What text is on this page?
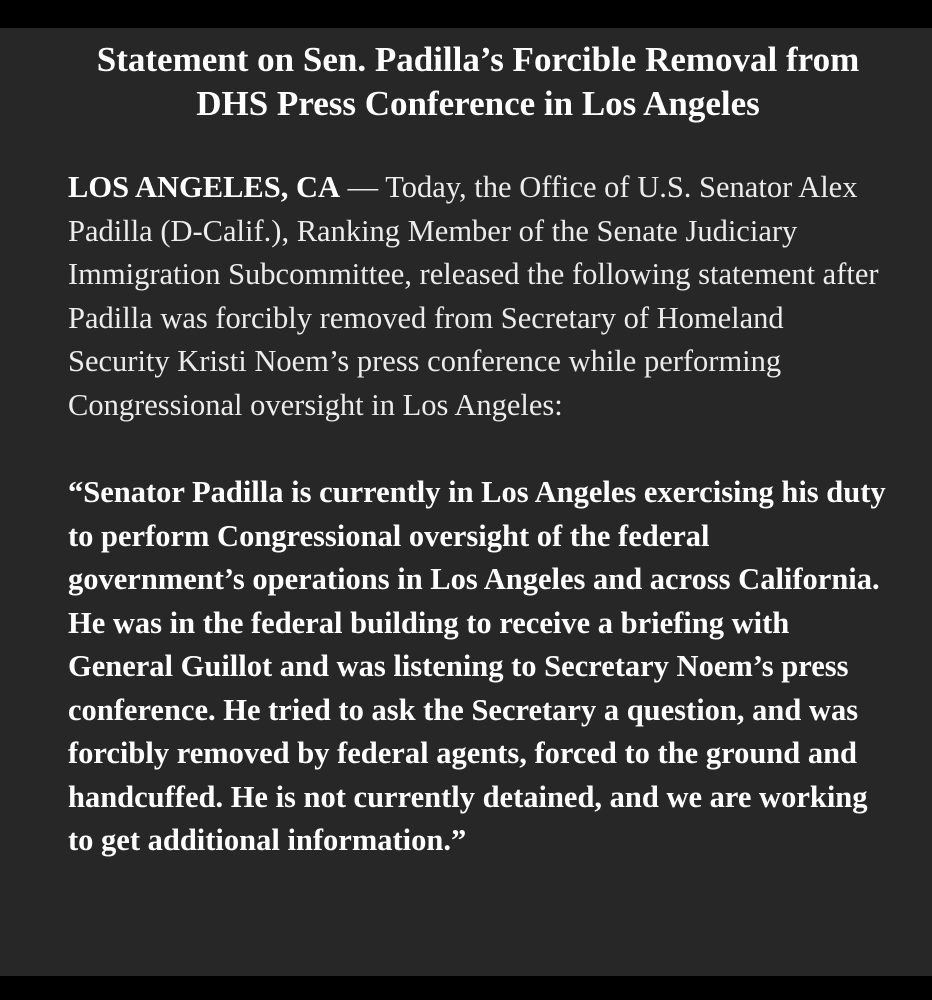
Statement on Sen. Padilla’s Forcible Removal from DHS Press Conference in Los Angeles

LOS ANGELES, CA — Today, the Office of U.S. Senator Alex Padilla (D-Calif.), Ranking Member of the Senate Judiciary Immigration Subcommittee, released the following statement after Padilla was forcibly removed from Secretary of Homeland Security Kristi Noem’s press conference while performing Congressional oversight in Los Angeles:

“Senator Padilla is currently in Los Angeles exercising his duty to perform Congressional oversight of the federal government’s operations in Los Angeles and across California. He was in the federal building to receive a briefing with General Guillot and was listening to Secretary Noem’s press conference. He tried to ask the Secretary a question, and was forcibly removed by federal agents, forced to the ground and handcuffed. He is not currently detained, and we are working to get additional information.”
